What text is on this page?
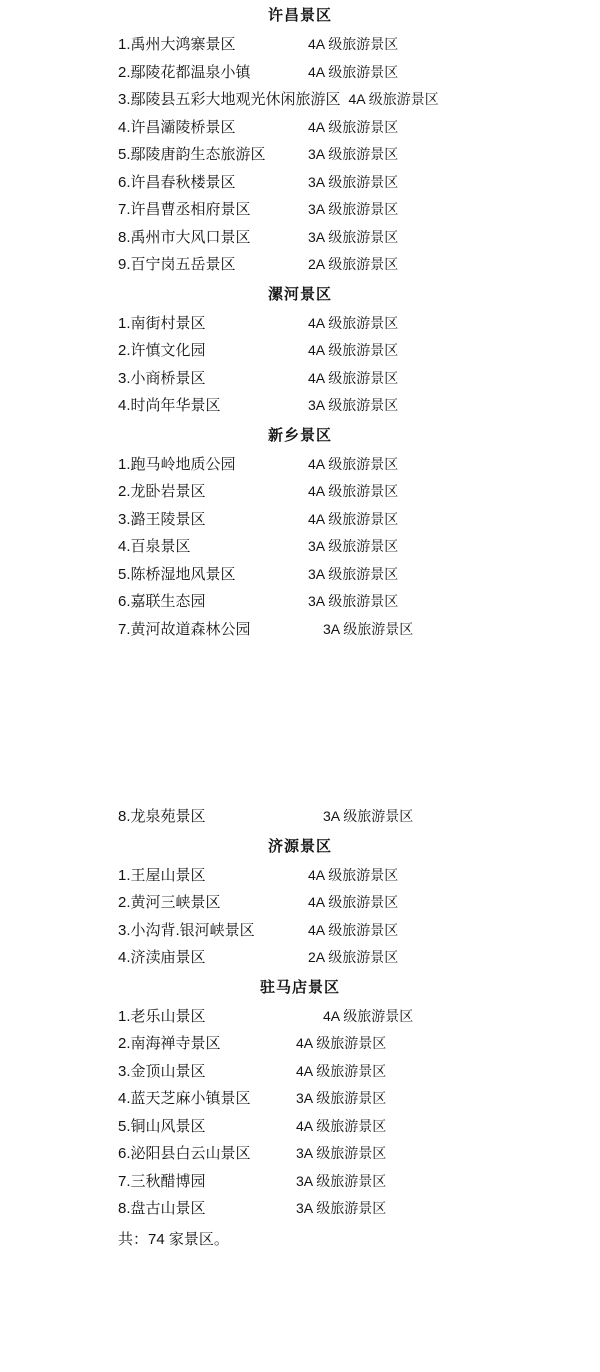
许昌景区
1.禹州大鸿寨景区	4A 级旅游景区
2.鄢陵花都温泉小镇	4A 级旅游景区
3.鄢陵县五彩大地观光休闲旅游区 4A 级旅游景区
4.许昌灞陵桥景区	4A 级旅游景区
5.鄢陵唐韵生态旅游区	3A 级旅游景区
6.许昌春秋楼景区	3A 级旅游景区
7.许昌曹丞相府景区	3A 级旅游景区
8.禹州市大风口景区	3A 级旅游景区
9.百宁岗五岳景区	2A 级旅游景区
漯河景区
1.南街村景区	4A 级旅游景区
2.许慎文化园	4A 级旅游景区
3.小商桥景区	4A 级旅游景区
4.时尚年华景区	3A 级旅游景区
新乡景区
1.跑马岭地质公园	4A 级旅游景区
2.龙卧岩景区	4A 级旅游景区
3.潞王陵景区	4A 级旅游景区
4.百泉景区	3A 级旅游景区
5.陈桥湿地风景区	3A 级旅游景区
6.嘉联生态园	3A 级旅游景区
7.黄河故道森林公园	3A 级旅游景区
8.龙泉苑景区	3A 级旅游景区
济源景区
1.王屋山景区	4A 级旅游景区
2.黄河三峡景区	4A 级旅游景区
3.小沟背.银河峡景区	4A 级旅游景区
4.济渎庙景区	2A 级旅游景区
驻马店景区
1.老乐山景区	4A 级旅游景区
2.南海禅寺景区	4A 级旅游景区
3.金顶山景区	4A 级旅游景区
4.蓝天芝麻小镇景区	3A 级旅游景区
5.铜山风景区	4A 级旅游景区
6.泌阳县白云山景区	3A 级旅游景区
7.三秋醋博园	3A 级旅游景区
8.盘古山景区	3A 级旅游景区
共：74 家景区。
